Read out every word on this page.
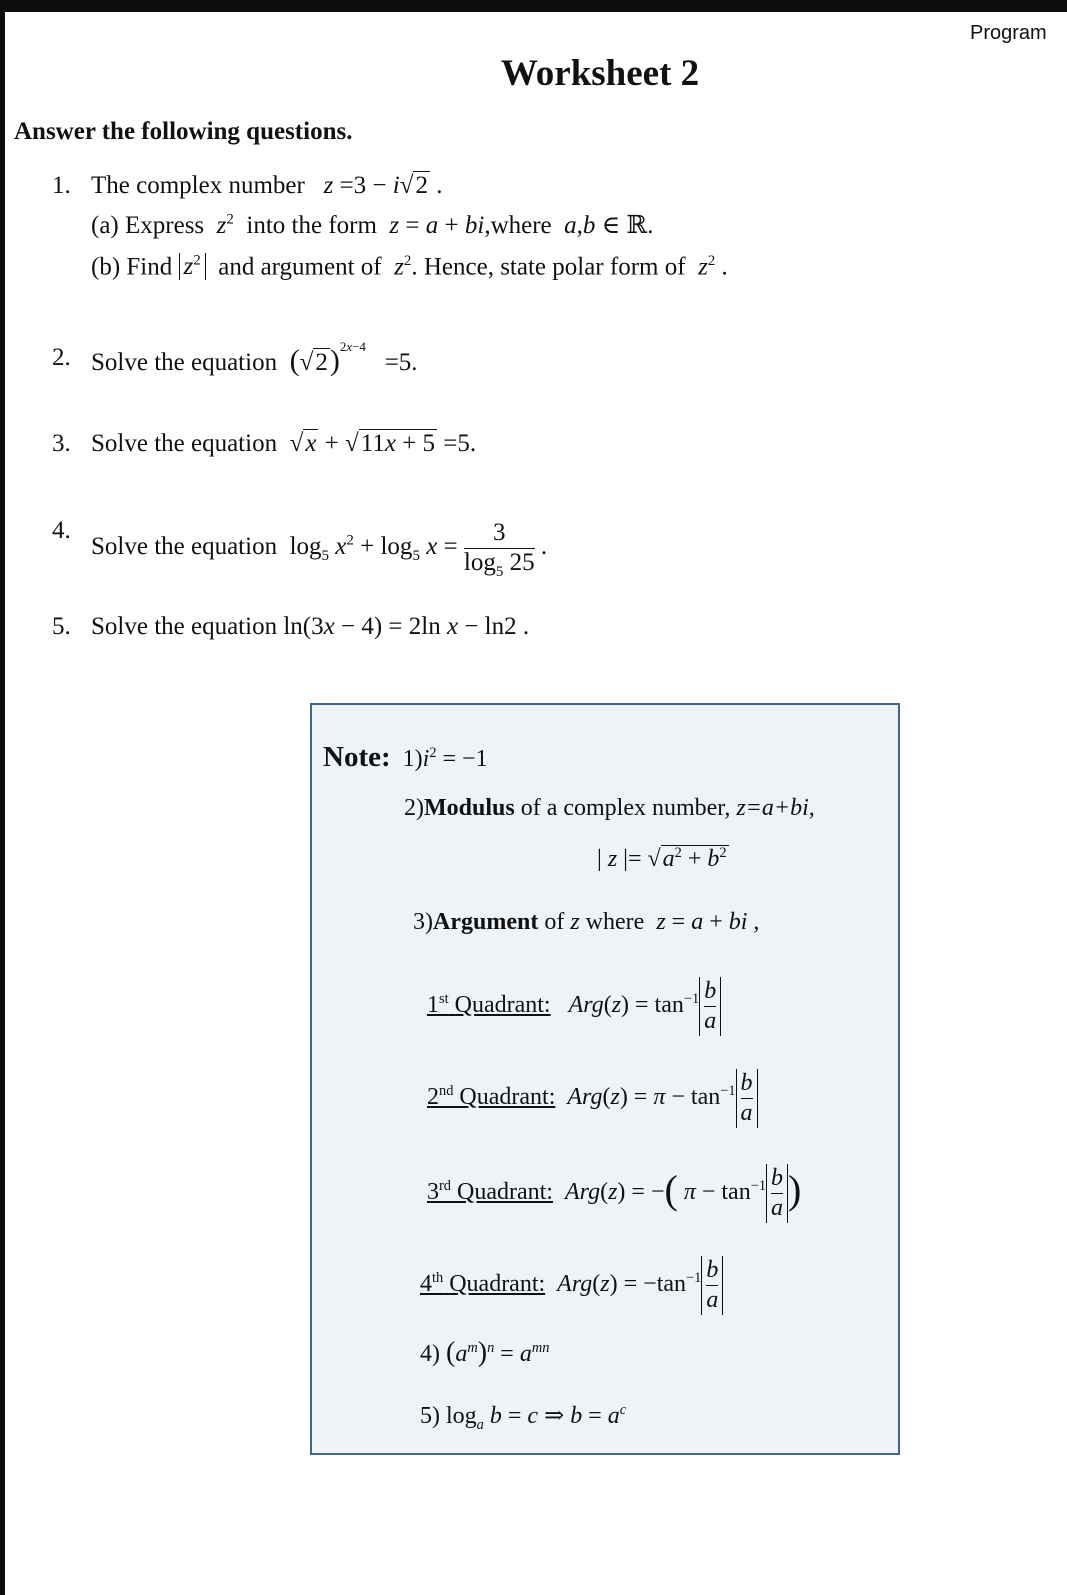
Program
Worksheet 2
Answer the following questions.
1. The complex number z =3 − i√2 .
(a) Express  $z^2$ into the form z = a + bi,where a,b ∈ ℝ.
(b) Find $z^2$ and argument of  $z^2$. Hence, state polar form of  $z^2$ .
2. Solve the equation $(√2)^{2x-4} =5$.
3. Solve the equation  √x + √11x + 5 =5.
4.
Solve the equation  $\log_5 x^2 + \log_5 x = \frac{3}{\log_5 25}$ .
5. Solve the equation ln(3x − 4) = 2ln x − ln2 .
Note: $1)i^2 = -1$
2)Modulus of a complex number, z=a+bi,
| z |= $√a^2 + b^2$
3)Argument of z where z = a + bi ,
1st Quadrant: $Arg(z) = \tan^{-1} \frac{b}{a}$
2nd Quadrant: $Arg(z) = \pi - \tan^{-1} \frac{b}{a}$
3rd Quadrant: Arg(z) = −( $\pi - \tan^{-1} \frac{b}{a}$ )
4th Quadrant: $Arg(z) = -\tan^{-1} \frac{b}{a}$
4) $(a^m)^n = a^{mn}$
5) $\log_a b = c$ ⇒ $b = a^c$
